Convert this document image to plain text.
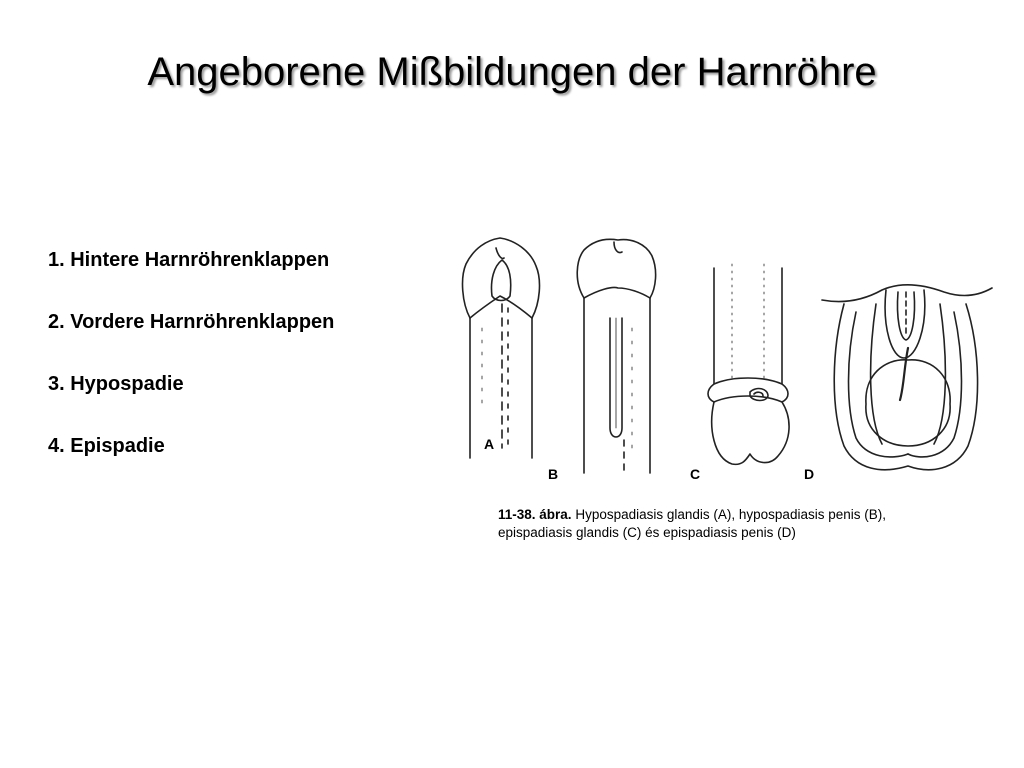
Angeborene Mißbildungen der Harnröhre
1. Hintere Harnröhrenklappen
2. Vordere Harnröhrenklappen
3. Hypospadie
4. Epispadie	A
B	C	D
11-38. ábra. Hypospadiasis glandis (A), hypospadiasis penis (B),
epispadiasis glandis (C) és epispadiasis penis (D)
